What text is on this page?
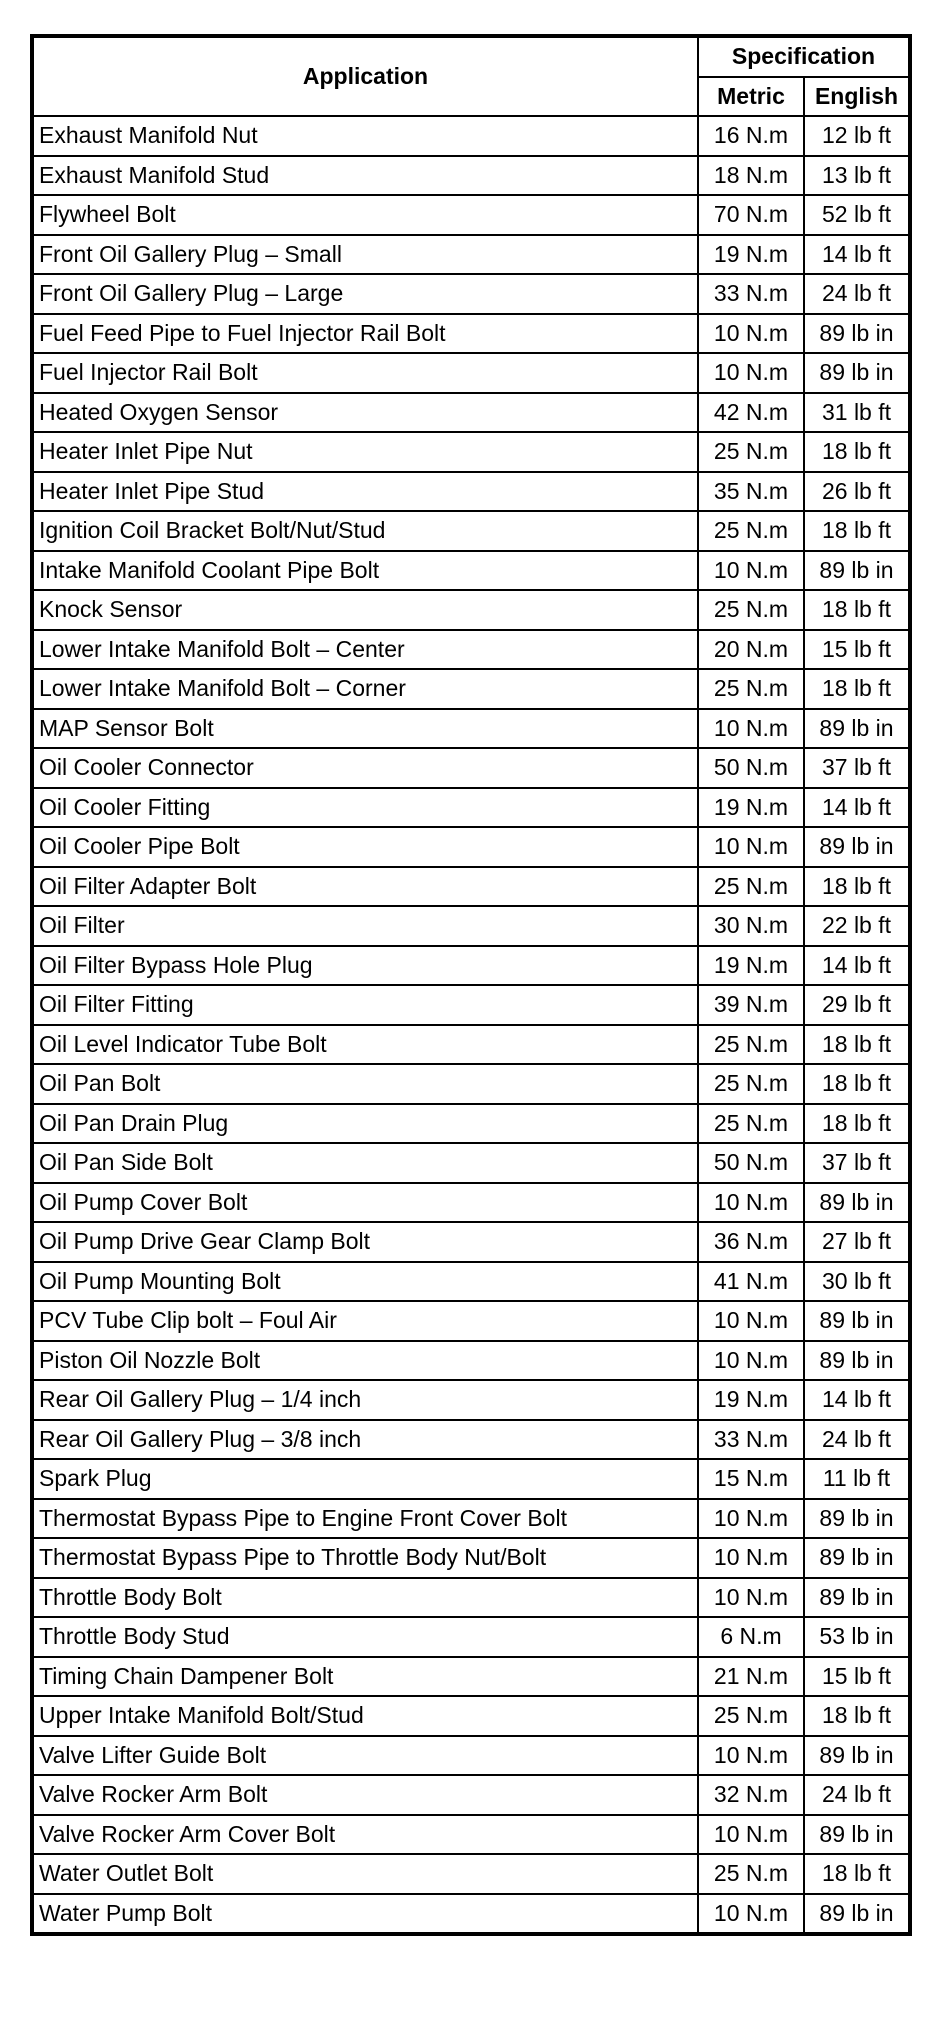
Application	Specification	
	Metric	English
Exhaust Manifold Nut	16 N.m	12 lb ft
Exhaust Manifold Stud	18 N.m	13 lb ft
Flywheel Bolt	70 N.m	52 lb ft
Front Oil Gallery Plug – Small	19 N.m	14 lb ft
Front Oil Gallery Plug – Large	33 N.m	24 lb ft
Fuel Feed Pipe to Fuel Injector Rail Bolt	10 N.m	89 lb in
Fuel Injector Rail Bolt	10 N.m	89 lb in
Heated Oxygen Sensor	42 N.m	31 lb ft
Heater Inlet Pipe Nut	25 N.m	18 lb ft
Heater Inlet Pipe Stud	35 N.m	26 lb ft
Ignition Coil Bracket Bolt/Nut/Stud	25 N.m	18 lb ft
Intake Manifold Coolant Pipe Bolt	10 N.m	89 lb in
Knock Sensor	25 N.m	18 lb ft
Lower Intake Manifold Bolt – Center	20 N.m	15 lb ft
Lower Intake Manifold Bolt – Corner	25 N.m	18 lb ft
MAP Sensor Bolt	10 N.m	89 lb in
Oil Cooler Connector	50 N.m	37 lb ft
Oil Cooler Fitting	19 N.m	14 lb ft
Oil Cooler Pipe Bolt	10 N.m	89 lb in
Oil Filter Adapter Bolt	25 N.m	18 lb ft
Oil Filter	30 N.m	22 lb ft
Oil Filter Bypass Hole Plug	19 N.m	14 lb ft
Oil Filter Fitting	39 N.m	29 lb ft
Oil Level Indicator Tube Bolt	25 N.m	18 lb ft
Oil Pan Bolt	25 N.m	18 lb ft
Oil Pan Drain Plug	25 N.m	18 lb ft
Oil Pan Side Bolt	50 N.m	37 lb ft
Oil Pump Cover Bolt	10 N.m	89 lb in
Oil Pump Drive Gear Clamp Bolt	36 N.m	27 lb ft
Oil Pump Mounting Bolt	41 N.m	30 lb ft
PCV Tube Clip bolt – Foul Air	10 N.m	89 lb in
Piston Oil Nozzle Bolt	10 N.m	89 lb in
Rear Oil Gallery Plug – 1/4 inch	19 N.m	14 lb ft
Rear Oil Gallery Plug – 3/8 inch	33 N.m	24 lb ft
Spark Plug	15 N.m	11 lb ft
Thermostat Bypass Pipe to Engine Front Cover Bolt	10 N.m	89 lb in
Thermostat Bypass Pipe to Throttle Body Nut/Bolt	10 N.m	89 lb in
Throttle Body Bolt	10 N.m	89 lb in
Throttle Body Stud	6 N.m	53 lb in
Timing Chain Dampener Bolt	21 N.m	15 lb ft
Upper Intake Manifold Bolt/Stud	25 N.m	18 lb ft
Valve Lifter Guide Bolt	10 N.m	89 lb in
Valve Rocker Arm Bolt	32 N.m	24 lb ft
Valve Rocker Arm Cover Bolt	10 N.m	89 lb in
Water Outlet Bolt	25 N.m	18 lb ft
Water Pump Bolt	10 N.m	89 lb in
